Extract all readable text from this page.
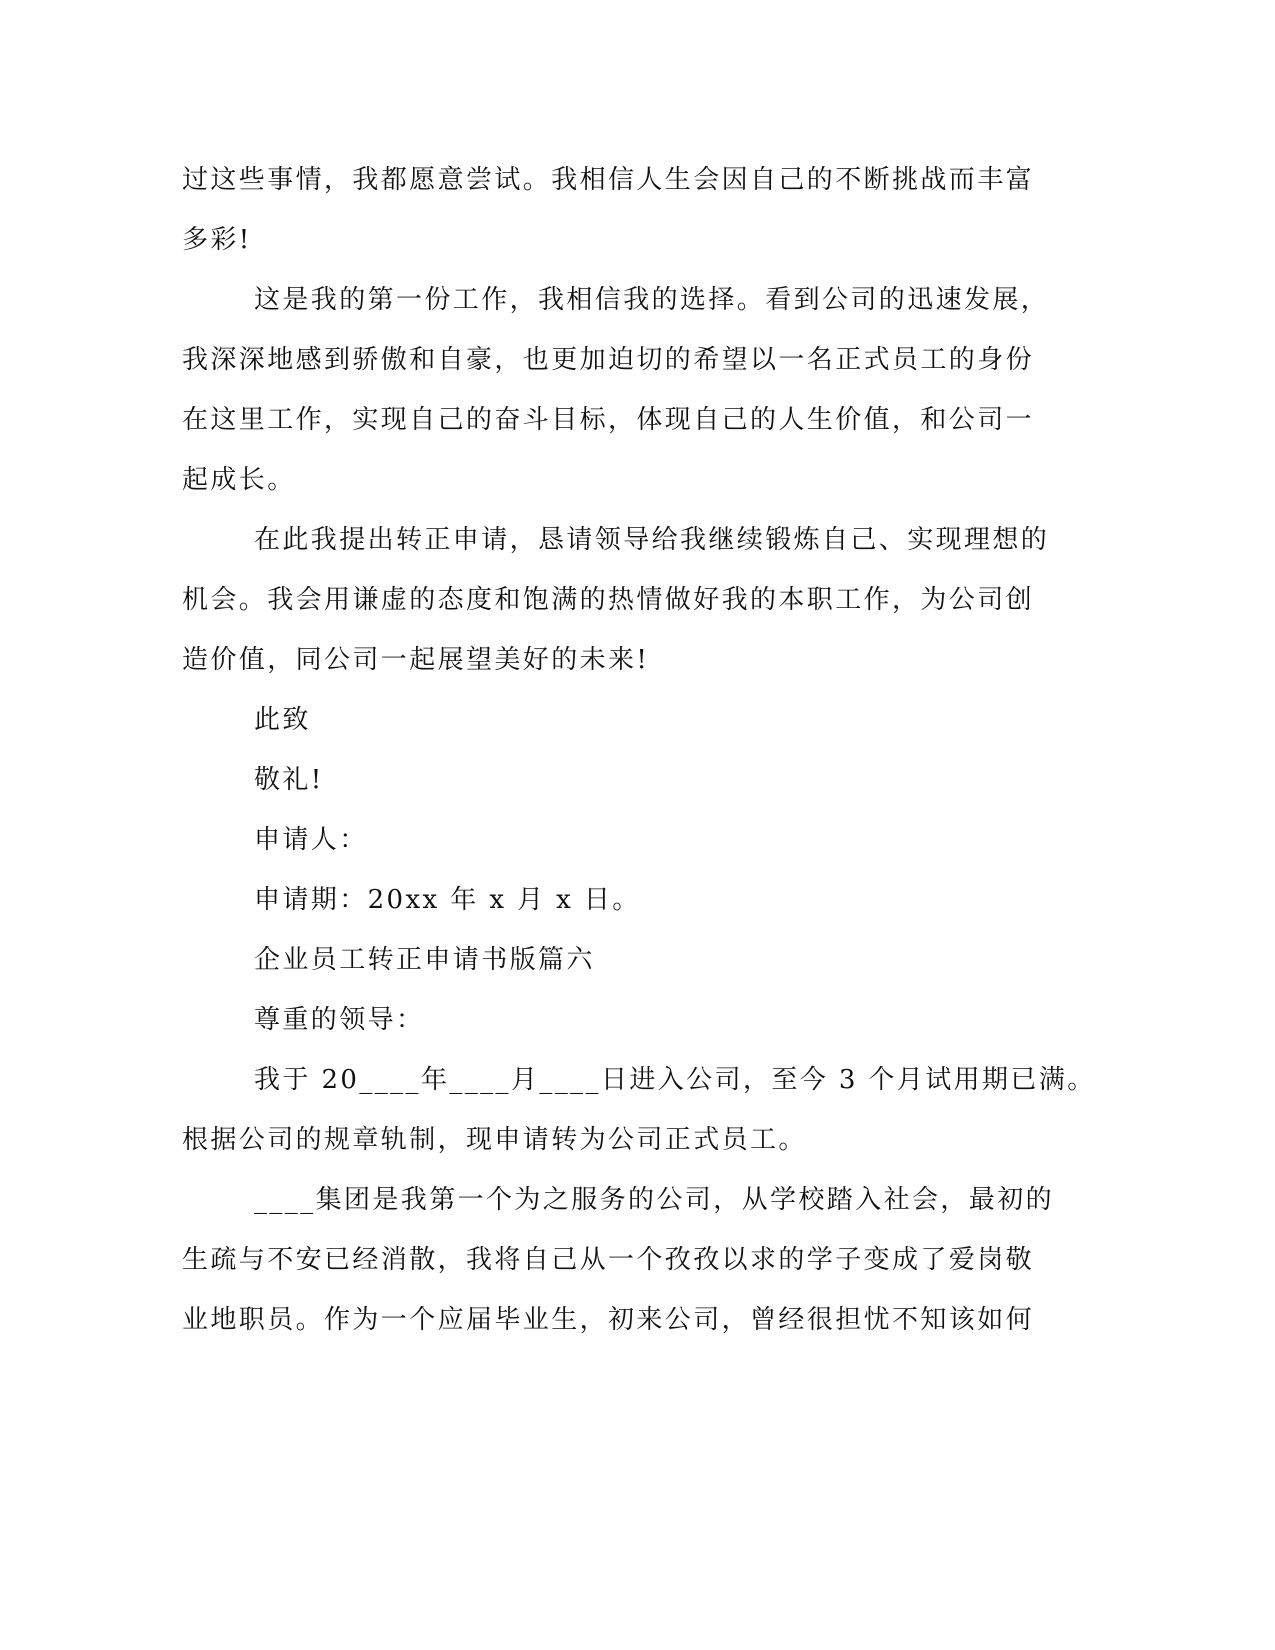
过这些事情，我都愿意尝试。我相信人生会因自己的不断挑战而丰富
多彩!
这是我的第一份工作，我相信我的选择。看到公司的迅速发展，
我深深地感到骄傲和自豪，也更加迫切的希望以一名正式员工的身份
在这里工作，实现自己的奋斗目标，体现自己的人生价值，和公司一
起成长。
在此我提出转正申请，恳请领导给我继续锻炼自己、实现理想的
机会。我会用谦虚的态度和饱满的热情做好我的本职工作，为公司创
造价值，同公司一起展望美好的未来!
此致
敬礼!
申请人：
申请期：20xx 年 x 月 x 日。
企业员工转正申请书版篇六
尊重的领导：
我于 20____年____月____日进入公司，至今 3 个月试用期已满。
根据公司的规章轨制，现申请转为公司正式员工。
____集团是我第一个为之服务的公司，从学校踏入社会，最初的
生疏与不安已经消散，我将自己从一个孜孜以求的学子变成了爱岗敬
业地职员。作为一个应届毕业生，初来公司，曾经很担忧不知该如何
